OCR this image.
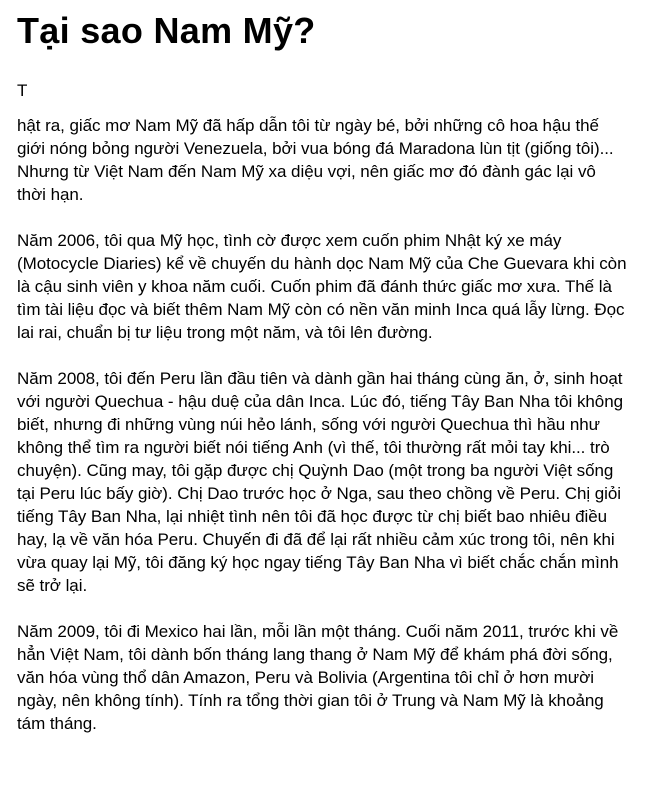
Tại sao Nam Mỹ?
T

hật ra, giấc mơ Nam Mỹ đã hấp dẫn tôi từ ngày bé, bởi những cô hoa hậu thế giới nóng bỏng người Venezuela, bởi vua bóng đá Maradona lùn tịt (giống tôi)... Nhưng từ Việt Nam đến Nam Mỹ xa diệu vợi, nên giấc mơ đó đành gác lại vô thời hạn.

Năm 2006, tôi qua Mỹ học, tình cờ được xem cuốn phim Nhật ký xe máy (Motocycle Diaries) kể về chuyến du hành dọc Nam Mỹ của Che Guevara khi còn là cậu sinh viên y khoa năm cuối. Cuốn phim đã đánh thức giấc mơ xưa. Thế là tìm tài liệu đọc và biết thêm Nam Mỹ còn có nền văn minh Inca quá lẫy lừng. Đọc lai rai, chuẩn bị tư liệu trong một năm, và tôi lên đường.

Năm 2008, tôi đến Peru lần đầu tiên và dành gần hai tháng cùng ăn, ở, sinh hoạt với người Quechua - hậu duệ của dân Inca. Lúc đó, tiếng Tây Ban Nha tôi không biết, nhưng đi những vùng núi hẻo lánh, sống với người Quechua thì hầu như không thể tìm ra người biết nói tiếng Anh (vì thế, tôi thường rất mỏi tay khi... trò chuyện). Cũng may, tôi gặp được chị Quỳnh Dao (một trong ba người Việt sống tại Peru lúc bấy giờ). Chị Dao trước học ở Nga, sau theo chồng về Peru. Chị giỏi tiếng Tây Ban Nha, lại nhiệt tình nên tôi đã học được từ chị biết bao nhiêu điều hay, lạ về văn hóa Peru. Chuyến đi đã để lại rất nhiều cảm xúc trong tôi, nên khi vừa quay lại Mỹ, tôi đăng ký học ngay tiếng Tây Ban Nha vì biết chắc chắn mình sẽ trở lại.

Năm 2009, tôi đi Mexico hai lần, mỗi lần một tháng. Cuối năm 2011, trước khi về hẳn Việt Nam, tôi dành bốn tháng lang thang ở Nam Mỹ để khám phá đời sống, văn hóa vùng thổ dân Amazon, Peru và Bolivia (Argentina tôi chỉ ở hơn mười ngày, nên không tính). Tính ra tổng thời gian tôi ở Trung và Nam Mỹ là khoảng tám tháng.
